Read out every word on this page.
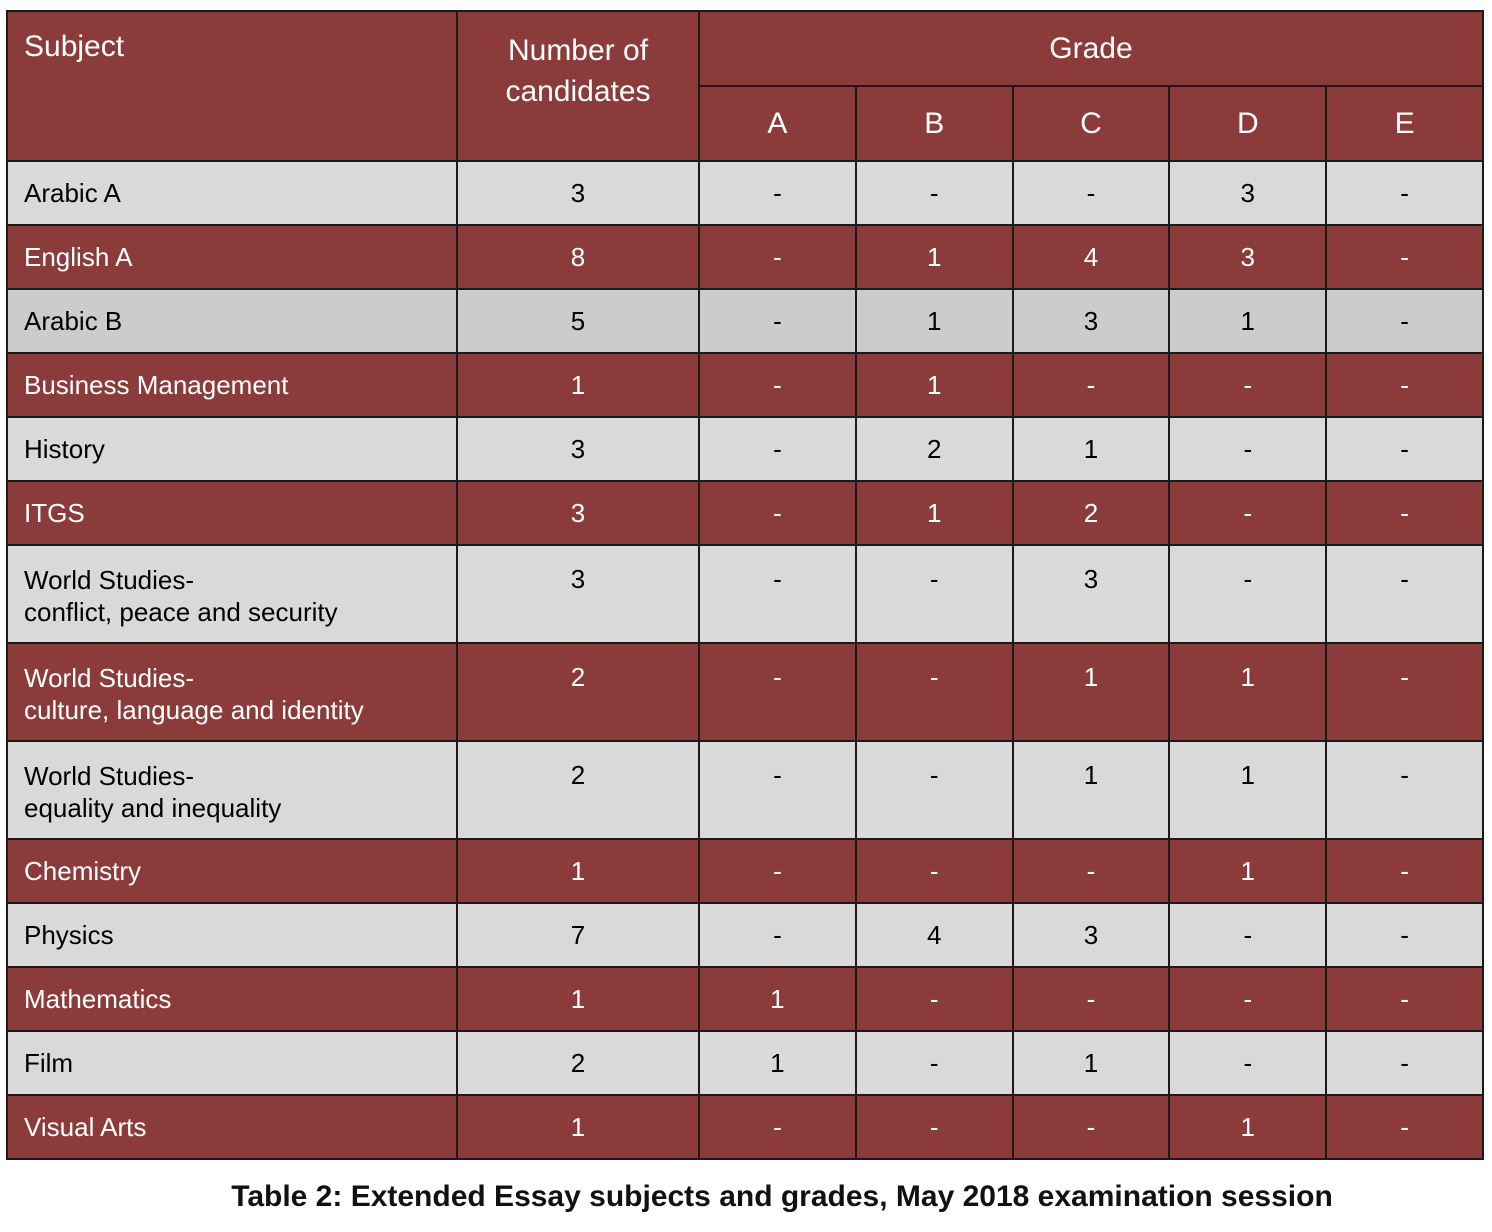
Subject	Number of
candidates	Grade				
		A	B	C	D	E
Arabic A	3	-	-	-	3	-
English A	8	-	1	4	3	-
Arabic B	5	-	1	3	1	-
Business Management	1	-	1	-	-	-
History	3	-	2	1	-	-
ITGS	3	-	1	2	-	-
World Studies-
conflict, peace and security	3	-	-	3	-	-
World Studies-
culture, language and identity	2	-	-	1	1	-
World Studies-
equality and inequality	2	-	-	1	1	-
Chemistry	1	-	-	-	1	-
Physics	7	-	4	3	-	-
Mathematics	1	1	-	-	-	-
Film	2	1	-	1	-	-
Visual Arts	1	-	-	-	1	-
Table 2: Extended Essay subjects and grades, May 2018 examination session
